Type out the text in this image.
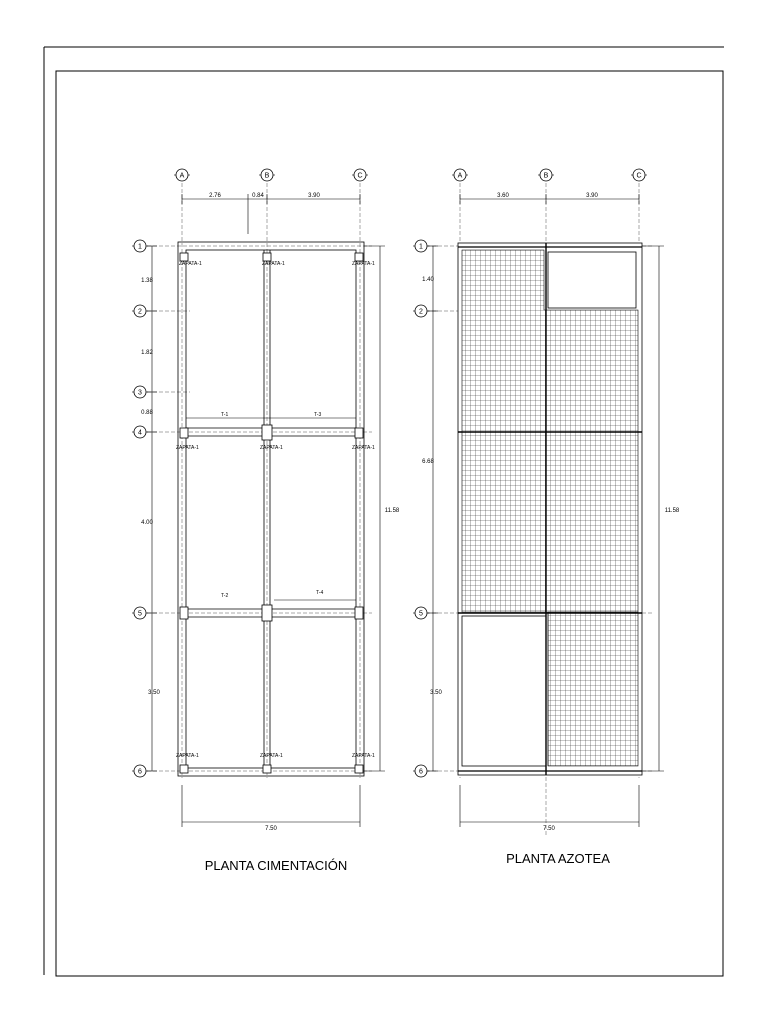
ZAPATA-1	ZAPATA-1	ZAPATA-1
ZAPATA-1	ZAPATA-1	ZAPATA-1
ZAPATA-1	ZAPATA-1	ZAPATA-1
T-1	T-3
T-2	T-4
2.76	0.84	3.90
7.50
1.38
1.82
0.88
4.00
3.50
11.58
A	B	C
1
2
3
4
5
6
PLANTA CIMENTACIÓN
3.60	3.90
7.50
1.40
6.68
3.50
11.58
A	B	C
1
2
5
6
PLANTA AZOTEA
